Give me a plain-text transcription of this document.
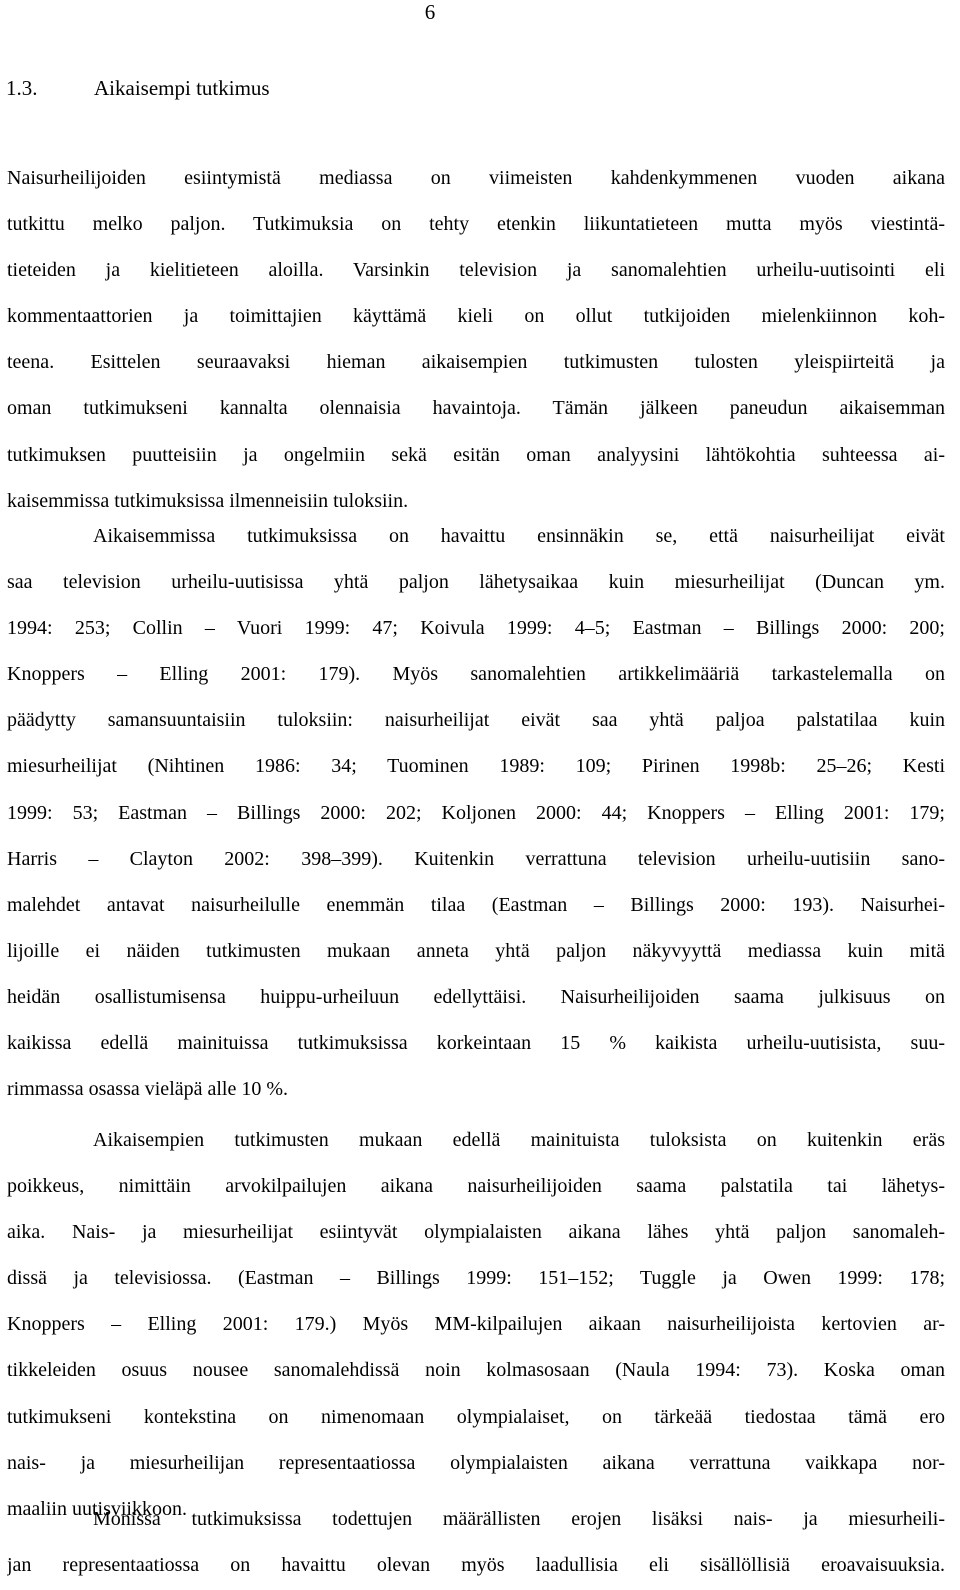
6
1.3.	Aikaisempi tutkimus
Naisurheilijoiden esiintymistä mediassa on viimeisten kahdenkymmenen vuoden aikana
tutkittu melko paljon. Tutkimuksia on tehty etenkin liikuntatieteen mutta myös viestintä-
tieteiden ja kielitieteen aloilla. Varsinkin television ja sanomalehtien urheilu-uutisointi eli
kommentaattorien ja toimittajien käyttämä kieli on ollut tutkijoiden mielenkiinnon koh-
teena. Esittelen seuraavaksi hieman aikaisempien tutkimusten tulosten yleispiirteitä ja
oman tutkimukseni kannalta olennaisia havaintoja. Tämän jälkeen paneudun aikaisemman
tutkimuksen puutteisiin ja ongelmiin sekä esitän oman analyysini lähtökohtia suhteessa ai-
kaisemmissa tutkimuksissa ilmenneisiin tuloksiin.
Aikaisemmissa tutkimuksissa on havaittu ensinnäkin se, että naisurheilijat eivät
saa television urheilu-uutisissa yhtä paljon lähetysaikaa kuin miesurheilijat (Duncan ym.
1994: 253; Collin – Vuori 1999: 47; Koivula 1999: 4–5; Eastman – Billings 2000: 200;
Knoppers – Elling 2001: 179). Myös sanomalehtien artikkelimääriä tarkastelemalla on
päädytty samansuuntaisiin tuloksiin: naisurheilijat eivät saa yhtä paljoa palstatilaa kuin
miesurheilijat (Nihtinen 1986: 34; Tuominen 1989: 109; Pirinen 1998b: 25–26; Kesti
1999: 53; Eastman – Billings 2000: 202; Koljonen 2000: 44; Knoppers – Elling 2001: 179;
Harris – Clayton 2002: 398–399). Kuitenkin verrattuna television urheilu-uutisiin sano-
malehdet antavat naisurheilulle enemmän tilaa (Eastman – Billings 2000: 193). Naisurhei-
lijoille ei näiden tutkimusten mukaan anneta yhtä paljon näkyvyyttä mediassa kuin mitä
heidän osallistumisensa huippu-urheiluun edellyttäisi. Naisurheilijoiden saama julkisuus on
kaikissa edellä mainituissa tutkimuksissa korkeintaan 15 % kaikista urheilu-uutisista, suu-
rimmassa osassa vieläpä alle 10 %.
Aikaisempien tutkimusten mukaan edellä mainituista tuloksista on kuitenkin eräs
poikkeus, nimittäin arvokilpailujen aikana naisurheilijoiden saama palstatila tai lähetys-
aika. Nais- ja miesurheilijat esiintyvät olympialaisten aikana lähes yhtä paljon sanomaleh-
dissä ja televisiossa. (Eastman – Billings 1999: 151–152; Tuggle ja Owen 1999: 178;
Knoppers – Elling 2001: 179.) Myös MM-kilpailujen aikaan naisurheilijoista kertovien ar-
tikkeleiden osuus nousee sanomalehdissä noin kolmasosaan (Naula 1994: 73). Koska oman
tutkimukseni kontekstina on nimenomaan olympialaiset, on tärkeää tiedostaa tämä ero
nais- ja miesurheilijan representaatiossa olympialaisten aikana verrattuna vaikkapa nor-
maaliin uutisviikkoon.
Monissa tutkimuksissa todettujen määrällisten erojen lisäksi nais- ja miesurheili-
jan representaatiossa on havaittu olevan myös laadullisia eli sisällöllisiä eroavaisuuksia.
